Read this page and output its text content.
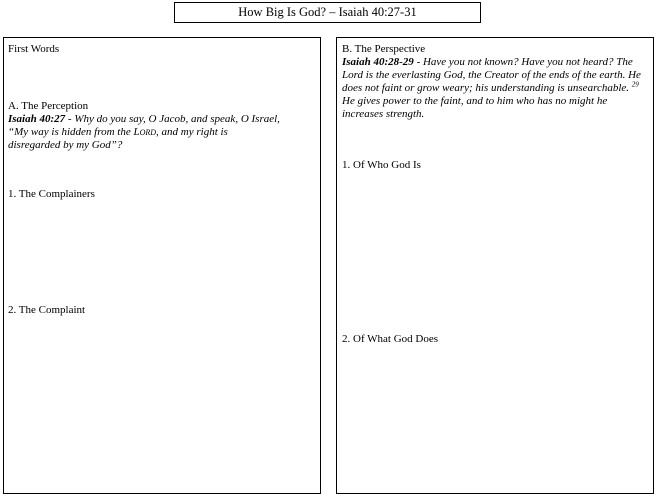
How Big Is God? – Isaiah 40:27-31
First Words
A. The Perception
Isaiah 40:27 - Why do you say, O Jacob, and speak, O Israel,
“My way is hidden from the Lord, and my right is
disregarded by my God”?
1. The Complainers
2. The Complaint
B. The Perspective
Isaiah 40:28-29 - Have you not known? Have you not heard? The Lord is the everlasting God, the Creator of the ends of the earth. He does not faint or grow weary; his understanding is unsearchable. $^{29}$ He gives power to the faint, and to him who has no might he increases strength.
1. Of Who God Is
2. Of What God Does
